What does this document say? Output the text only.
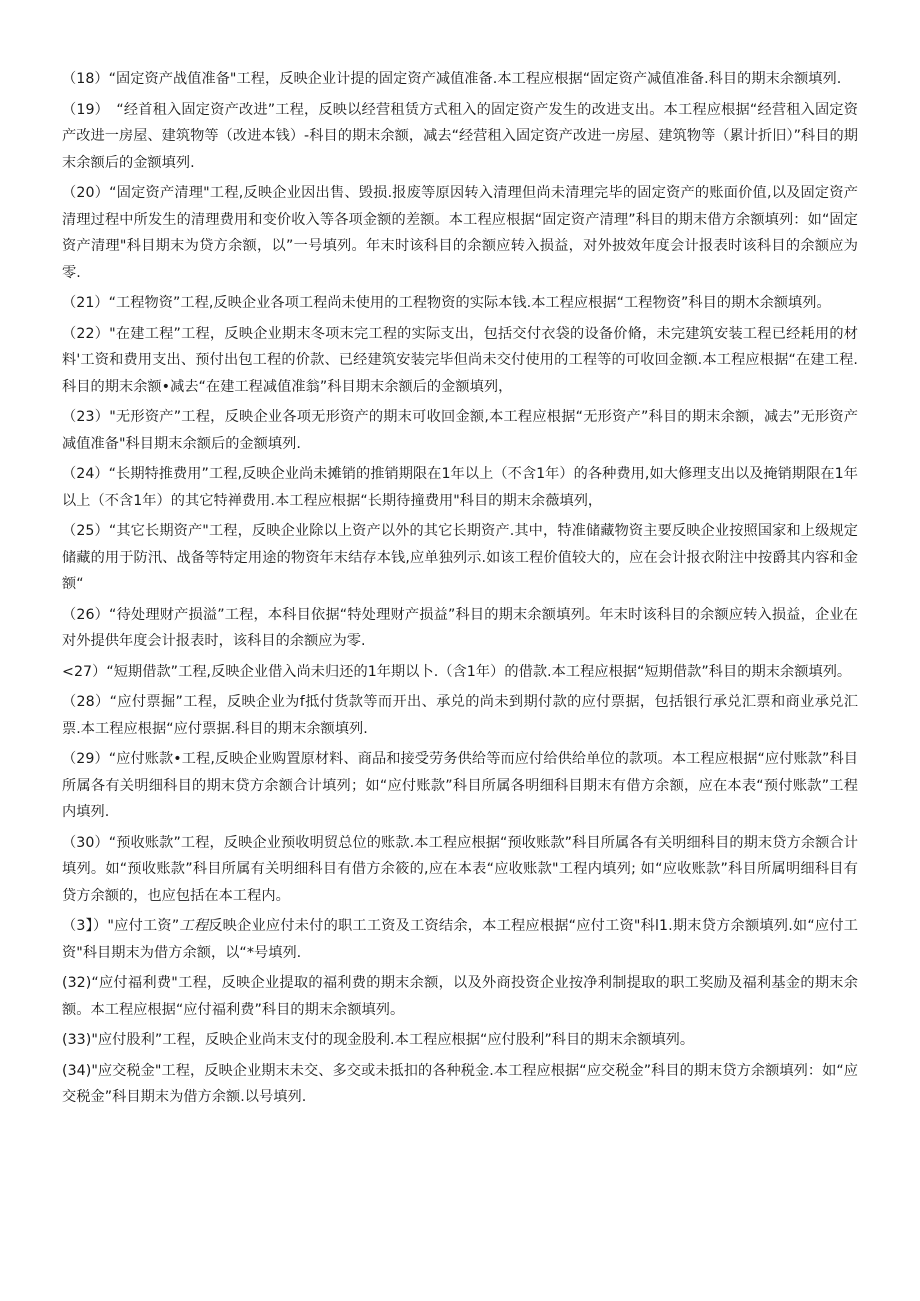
（18）“固定资产战值准备"工程，反映企业计提的固定资产减值准备.本工程应根据“固定资产减值准备.科目的期末余额填列.

（19）　“经首租入固定资产改进”工程，反映以经营租赁方式租入的固定资产发生的改进支出。本工程应根据“经营租入固定资产改进一房屋、建筑物等（改进本钱）-科目的期末余额，减去“经营租入固定资产改进一房屋、建筑物等（累计折旧）”科目的期末余额后的金额填列.

（20）“固定资产清理"工程,反映企业因出售、毁损.报废等原因转入清理但尚未清理完毕的固定资产的账面价值,以及固定资产清理过程中所发生的清理费用和变价收入等各项金额的差额。本工程应根据“固定资产清理”科目的期末借方余额填列：如“固定资产清理"科目期末为贷方余额，以”一号填列。年末时该科目的余额应转入损益，对外披效年度会计报表时该科目的余额应为零.

（21）“工程物资”工程,反映企业各项工程尚未使用的工程物资的实际本钱.本工程应根据“工程物资”科目的期木余额填列。

（22）"在建工程”工程，反映企业期末冬项末完工程的实际支出，包括交付衣袋的设备价脩，未完建筑安装工程已经耗用的材料'工资和费用支出、预付出包工程的价款、已经建筑安装完毕但尚未交付使用的工程等的可收回金额.本工程应根据“在建工程.科目的期末余额•减去“在建工程减值准翁”科目期末余额后的金额填列，

（23）"无形资产”工程，反映企业各项无形资产的期末可收回金额,本工程应根据“无形资产”科目的期末余额，减去”无形资产减值准备"科目期末余额后的金额填列.

（24）“长期特推费用”工程,反映企业尚未摊销的推销期限在1年以上（不含1年）的各种费用,如大修理支出以及掩销期限在1年以上（不含1年）的其它特禅费用.本工程应根据“长期待撞费用"科目的期末余薇填列，

（25）“其它长期资产"工程，反映企业除以上资产以外的其它长期资产.其中，特准储藏物资主要反映企业按照国家和上级规定储藏的用于防汛、战备等特定用途的物资年末结存本钱,应单独列示.如该工程价值较大的，应在会计报衣附注中按爵其内容和金额“

（26）“待处理财产损溢”工程，本科目依据“特处理财产损益”科目的期末余额填列。年末时该科目的余额应转入损益，企业在对外提供年度会计报表时，该科目的余额应为零.

<27）“短期借款”工程,反映企业借入尚未归还的1年期以卜.（含1年）的借款.本工程应根据“短期借款”科目的期末余额填列。

（28）“应付票掘”工程，反映企业为f抵付货款等而开出、承兑的尚未到期付款的应付票据，包括银行承兑汇票和商业承兑汇票.本工程应根据“应付票据.科目的期末余额填列.

（29）“应付账款•工程,反映企业购置原材料、商品和接受劳务供给等而应付给供给单位的款项。本工程应根据“应付账款”科目所属各有关明细科目的期末贷方余额合计填列；如“应付账款”科目所属各明细科目期末有借方余额，应在本表“预付账款”工程内填列.

（30）“预收账款”工程，反映企业预收明贸总位的账款.本工程应根据“预收账款”科目所属各有关明细科目的期末贷方余额合计填列。如“预收账款”科目所属有关明细科目有借方余筱的,应在本表“应收账款"工程内填列; 如“应收账款”科目所属明细科目有贷方余额的，也应包括在本工程内。

（3】）"应付工资”工程反映企业应付未付的职工工资及工资结余，本工程应根据“应付工资"科l1.期末贷方余额填列.如“应付工资"科目期末为借方余额，以“*号填列.

(32)“应付福利费"工程，反映企业提取的福利费的期末余额，以及外商投资企业按净利制提取的职工奖励及福利基金的期末余额。本工程应根据“应付福利费”科目的期末余额填列。

(33)"应付股利”工程，反映企业尚末支付的现金股利.本工程应根据“应付股利”科目的期末余额填列。

(34)"应交税金"工程，反映企业期末未交、多交或未抵扣的各种税金.本工程应根据“应交税金”科目的期末贷方余额填列：如“应交税金”科目期末为借方余额.以号填列.
